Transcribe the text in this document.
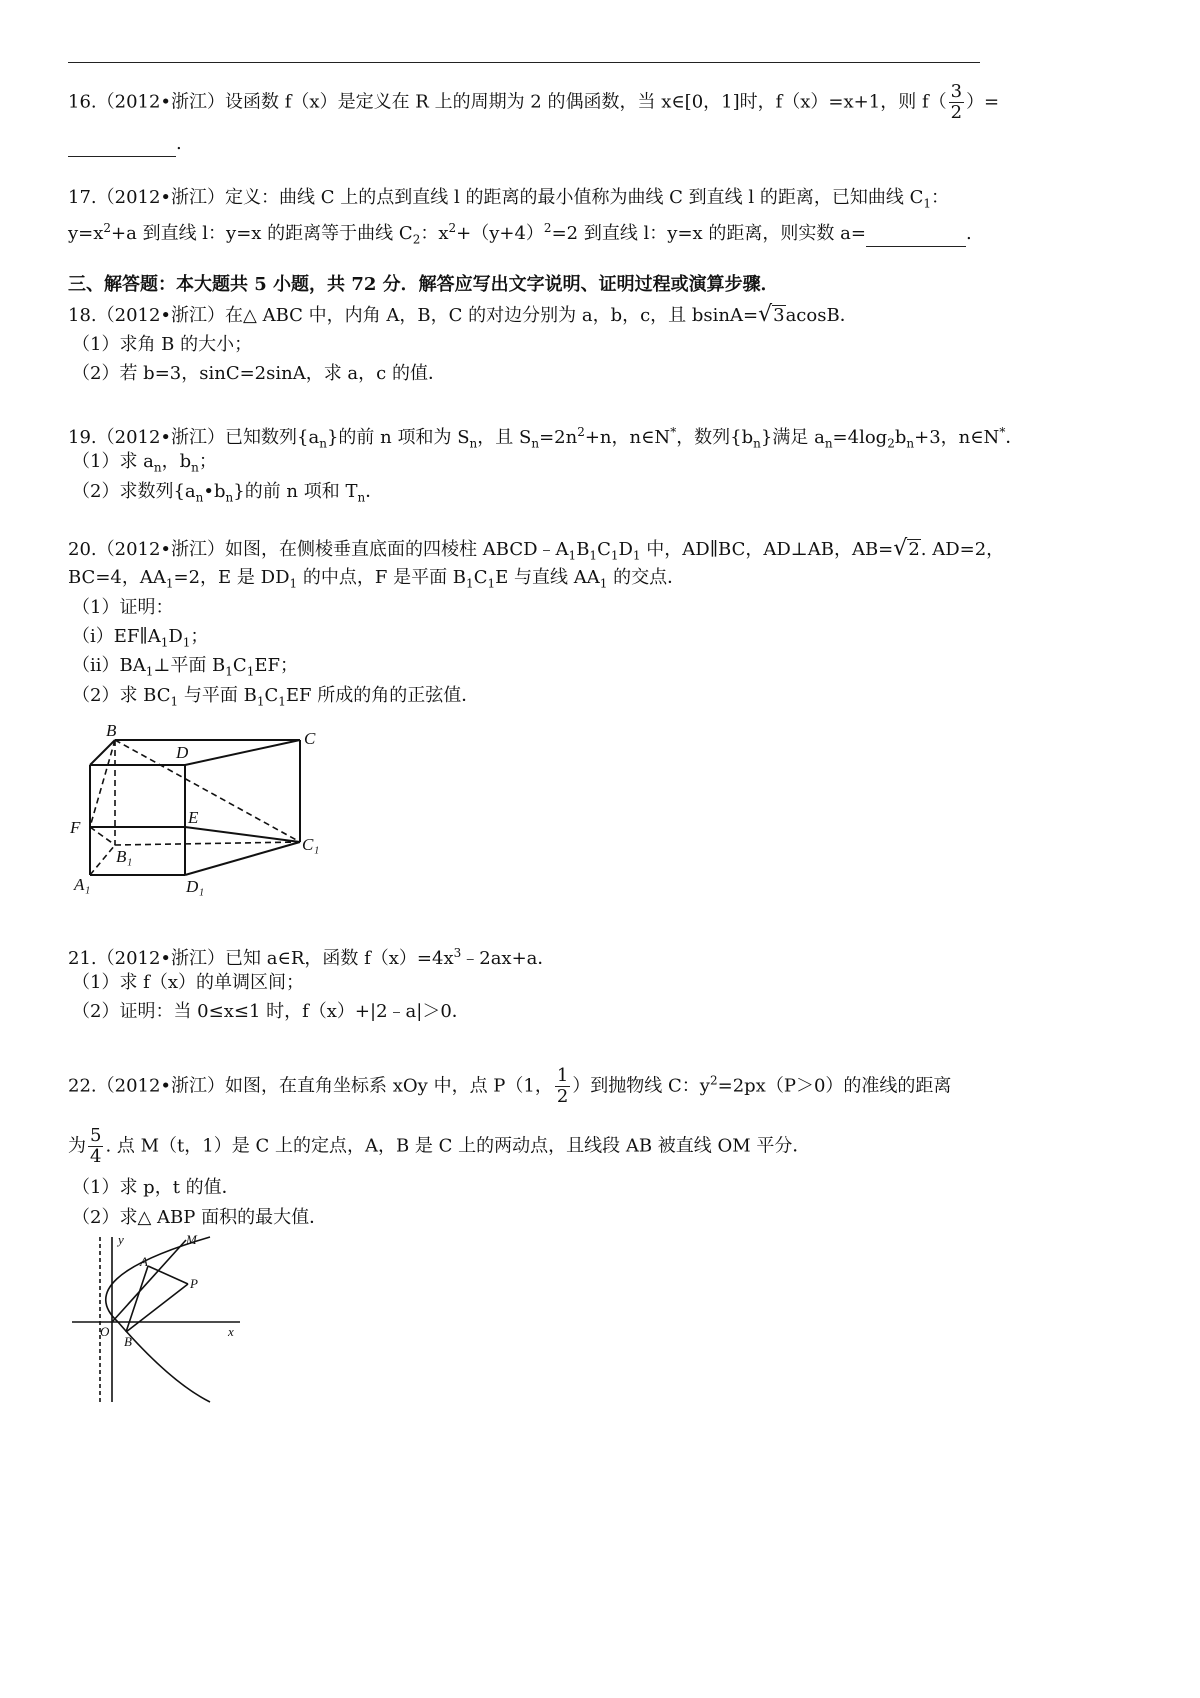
16.（2012•浙江）设函数 f（x）是定义在 R 上的周期为 2 的偶函数，当 x∈[0，1]时，f（x）=x+1，则 $f( \frac{3}{2}$ ）=
.
17.（2012•浙江）定义：曲线 C 上的点到直线 l 的距离的最小值称为曲线 C 到直线 l 的距离，已知曲线 $C_1$：
$y=x^2+a$ 到直线 l：y=x 的距离等于曲线 $C_2$：$x^2+(y+4)^2=2$ 到直线 l：y=x 的距离，则实数 a=	.
三、解答题：本大题共 5 小题，共 72 分．解答应写出文字说明、证明过程或演算步骤．
18.（2012•浙江）在△ ABC 中，内角 A，B，C 的对边分别为 a，b，c，且 bsinA=√3acosB．
（1）求角 B 的大小；
（2）若 b=3，sinC=2sinA，求 a，c 的值．
19.（2012•浙江）已知数列$\{a_n\}$的前 n 项和为 $S_n$，且 $S_n=2n^2+n$，n∈N*，数列$\{b_n\}$满足 $a_n=4\log_2b_n+3$，n∈N*．
（1）求 $a_n$，$b_n$；
（2）求数列$\{a_n•b_n\}$的前 n 项和 $T_n$．
20.（2012•浙江）如图，在侧棱垂直底面的四棱柱 $ABCD﹣A_1B_1C_1D_1$ 中，AD∥BC，AD⊥AB，AB=√2. AD=2，
BC=4，$AA_1=2$，E 是 $DD_1$ 的中点，F 是平面 $B_1C_1E$ 与直线 $AA_1$ 的交点．
（1）证明：
$(i)EF\parallel A_1D_1$；
$(ii)BA_1\perp$平面 $B_1C_1EF$；
（2）求 $BC_1$ 与平面 $B_1C_1EF$ 所成的角的正弦值．
B	C
D
E
F
B₁
C₁
A₁	D₁
21.（2012•浙江）已知 a∈R，函数 $f(x)=4x^3﹣2ax+a$．
（1）求 f（x）的单调区间；
（2）证明：当 0≤x≤1 时，f（x）+|2﹣a|＞0．
22.（2012•浙江）如图，在直角坐标系 xOy 中，点 P（1， $\frac{1}{2}$ ）到抛物线 C：$y^2=2px(P>0)$的准线的距离
为 $\frac{5}{4}$ . 点 M（t，1）是 C 上的定点，A，B 是 C 上的两动点，且线段 AB 被直线 OM 平分．
（1）求 p，t 的值．
（2）求△ ABP 面积的最大值．
y
x
O
M
A
B
P
